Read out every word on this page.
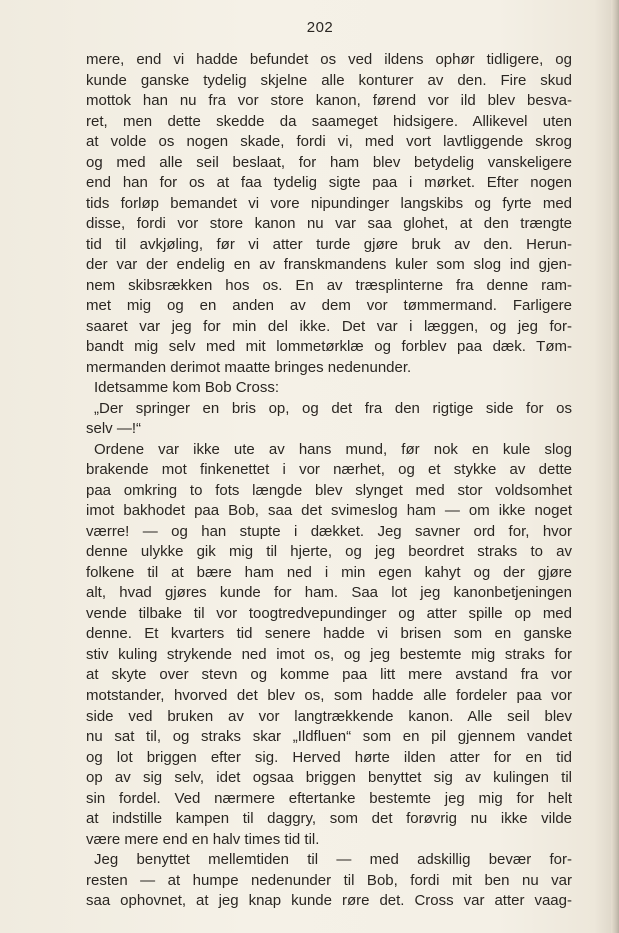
202
mere, end vi hadde befundet os ved ildens ophør tidligere, og
kunde ganske tydelig skjelne alle konturer av den. Fire skud
mottok han nu fra vor store kanon, førend vor ild blev besva-
ret, men dette skedde da saameget hidsigere. Allikevel uten
at volde os nogen skade, fordi vi, med vort lavtliggende skrog
og med alle seil beslaat, for ham blev betydelig vanskeligere
end han for os at faa tydelig sigte paa i mørket. Efter nogen
tids forløp bemandet vi vore nipundinger langskibs og fyrte med
disse, fordi vor store kanon nu var saa glohet, at den trængte
tid til avkjøling, før vi atter turde gjøre bruk av den. Herun-
der var der endelig en av franskmandens kuler som slog ind gjen-
nem skibsrækken hos os. En av træsplinterne fra denne ram-
met mig og en anden av dem vor tømmermand. Farligere
saaret var jeg for min del ikke. Det var i læggen, og jeg for-
bandt mig selv med mit lommetørklæ og forblev paa dæk. Tøm-
mermanden derimot maatte bringes nedenunder.
Idetsamme kom Bob Cross:
„Der springer en bris op, og det fra den rigtige side for os
selv —!“
Ordene var ikke ute av hans mund, før nok en kule slog
brakende mot finkenettet i vor nærhet, og et stykke av dette
paa omkring to fots længde blev slynget med stor voldsomhet
imot bakhodet paa Bob, saa det svimeslog ham — om ikke noget
værre! — og han stupte i dækket. Jeg savner ord for, hvor
denne ulykke gik mig til hjerte, og jeg beordret straks to av
folkene til at bære ham ned i min egen kahyt og der gjøre
alt, hvad gjøres kunde for ham. Saa lot jeg kanonbetjeningen
vende tilbake til vor toogtredvepundinger og atter spille op med
denne. Et kvarters tid senere hadde vi brisen som en ganske
stiv kuling strykende ned imot os, og jeg bestemte mig straks for
at skyte over stevn og komme paa litt mere avstand fra vor
motstander, hvorved det blev os, som hadde alle fordeler paa vor
side ved bruken av vor langtrækkende kanon. Alle seil blev
nu sat til, og straks skar „Ildfluen“ som en pil gjennem vandet
og lot briggen efter sig. Herved hørte ilden atter for en tid
op av sig selv, idet ogsaa briggen benyttet sig av kulingen til
sin fordel. Ved nærmere eftertanke bestemte jeg mig for helt
at indstille kampen til daggry, som det forøvrig nu ikke vilde
være mere end en halv times tid til.
Jeg benyttet mellemtiden til — med adskillig bevær for-
resten — at humpe nedenunder til Bob, fordi mit ben nu var
saa ophovnet, at jeg knap kunde røre det. Cross var atter vaag-
